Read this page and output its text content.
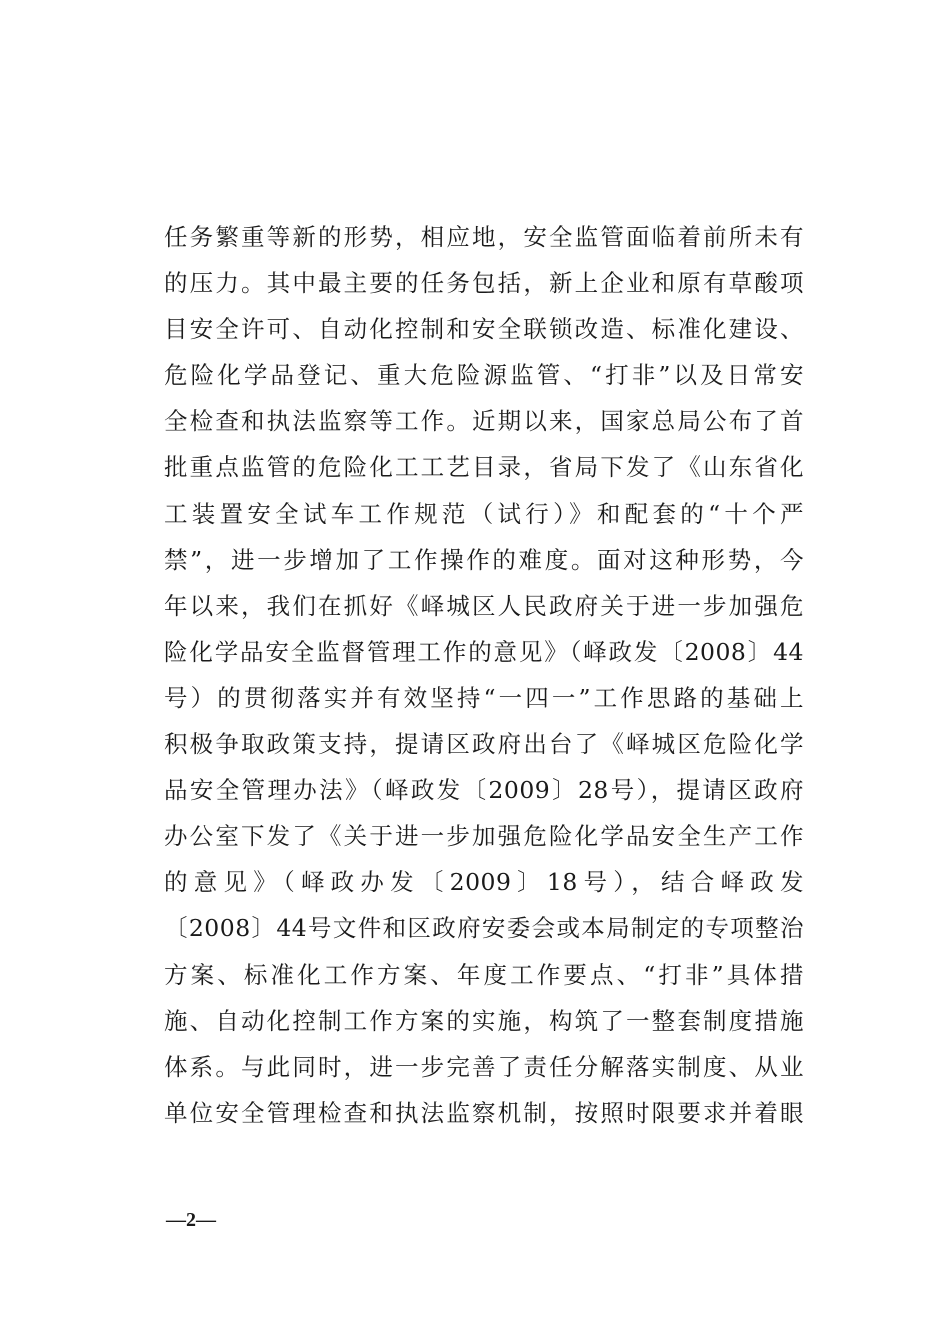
任务繁重等新的形势，相应地，安全监管面临着前所未有
的压力。其中最主要的任务包括，新上企业和原有草酸项
目安全许可、自动化控制和安全联锁改造、标准化建设、
危险化学品登记、重大危险源监管、“打非”以及日常安
全检查和执法监察等工作。近期以来，国家总局公布了首
批重点监管的危险化工工艺目录，省局下发了《山东省化
工装置安全试车工作规范（试行）》和配套的“十个严
禁”，进一步增加了工作操作的难度。面对这种形势，今
年以来，我们在抓好《峄城区人民政府关于进一步加强危
险化学品安全监督管理工作的意见》（峄政发〔2008〕44
号）的贯彻落实并有效坚持“一四一”工作思路的基础上
积极争取政策支持，提请区政府出台了《峄城区危险化学
品安全管理办法》（峄政发〔2009〕28号），提请区政府
办公室下发了《关于进一步加强危险化学品安全生产工作
的意见》（峄政办发〔2009〕18号），结合峄政发
〔2008〕44号文件和区政府安委会或本局制定的专项整治
方案、标准化工作方案、年度工作要点、“打非”具体措
施、自动化控制工作方案的实施，构筑了一整套制度措施
体系。与此同时，进一步完善了责任分解落实制度、从业
单位安全管理检查和执法监察机制，按照时限要求并着眼
—2—
